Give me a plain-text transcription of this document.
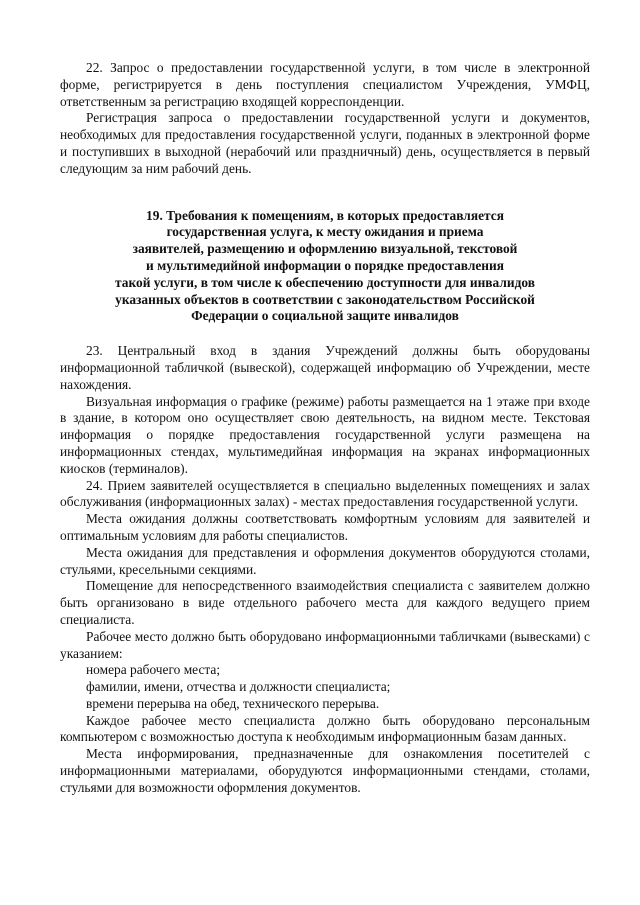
22. Запрос о предоставлении государственной услуги, в том числе в электронной форме, регистрируется в день поступления специалистом Учреждения, УМФЦ, ответственным за регистрацию входящей корреспонденции.

Регистрация запроса о предоставлении государственной услуги и документов, необходимых для предоставления государственной услуги, поданных в электронной форме и поступивших в выходной (нерабочий или праздничный) день, осуществляется в первый следующим за ним рабочий день.

19. Требования к помещениям, в которых предоставляется
государственная услуга, к месту ожидания и приема
заявителей, размещению и оформлению визуальной, текстовой
и мультимедийной информации о порядке предоставления
такой услуги, в том числе к обеспечению доступности для инвалидов
указанных объектов в соответствии с законодательством Российской
Федерации о социальной защите инвалидов

23. Центральный вход в здания Учреждений должны быть оборудованы информационной табличкой (вывеской), содержащей информацию об Учреждении, месте нахождения.

Визуальная информация о графике (режиме) работы размещается на 1 этаже при входе в здание, в котором оно осуществляет свою деятельность, на видном месте. Текстовая информация о порядке предоставления государственной услуги размещена на информационных стендах, мультимедийная информация на экранах информационных киосков (терминалов).

24. Прием заявителей осуществляется в специально выделенных помещениях и залах обслуживания (информационных залах) - местах предоставления государственной услуги.

Места ожидания должны соответствовать комфортным условиям для заявителей и оптимальным условиям для работы специалистов.

Места ожидания для представления и оформления документов оборудуются столами, стульями, кресельными секциями.

Помещение для непосредственного взаимодействия специалиста с заявителем должно быть организовано в виде отдельного рабочего места для каждого ведущего прием специалиста.

Рабочее место должно быть оборудовано информационными табличками (вывесками) с указанием:

номера рабочего места;

фамилии, имени, отчества и должности специалиста;

времени перерыва на обед, технического перерыва.

Каждое рабочее место специалиста должно быть оборудовано персональным компьютером с возможностью доступа к необходимым информационным базам данных.

Места информирования, предназначенные для ознакомления посетителей с информационными материалами, оборудуются информационными стендами, столами, стульями для возможности оформления документов.
